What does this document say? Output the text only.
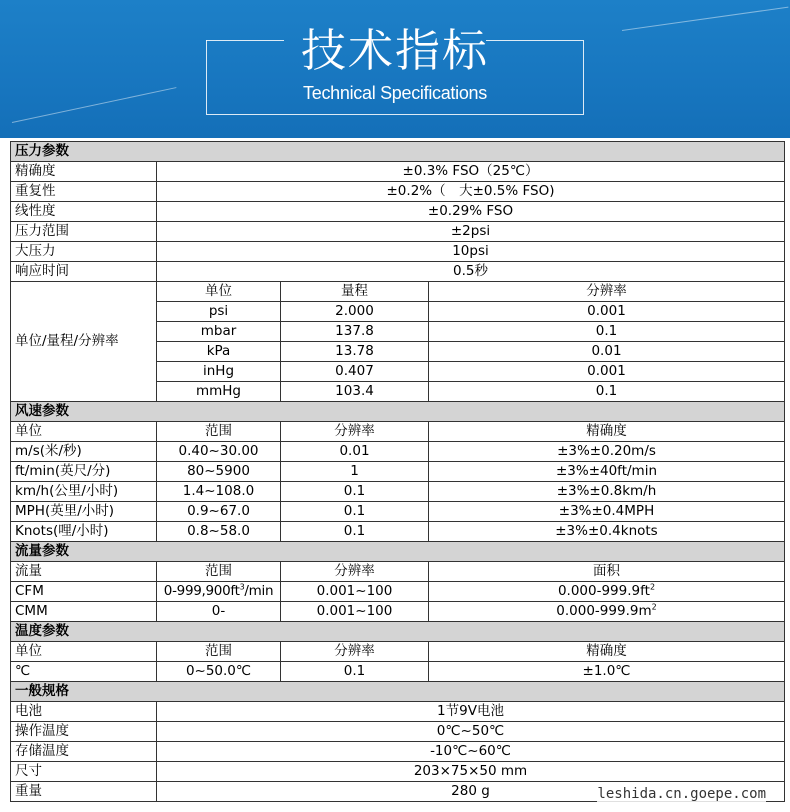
技术指标
Technical Specifications
压力参数			
精确度	±0.3% FSO（25℃）		
重复性	±0.2%（　大±0.5% FSO)		
线性度	±0.29% FSO		
压力范围	±2psi		
大压力	10psi		
响应时间	0.5秒		
单位/量程/分辨率	单位	量程	分辨率
	psi	2.000	0.001
	mbar	137.8	0.1
	kPa	13.78	0.01
	inHg	0.407	0.001
	mmHg	103.4	0.1
风速参数			
单位	范围	分辨率	精确度
m/s(米/秒)	0.40~30.00	0.01	±3%±0.20m/s
ft/min(英尺/分)	80~5900	1	±3%±40ft/min
km/h(公里/小时)	1.4~108.0	0.1	±3%±0.8km/h
MPH(英里/小时)	0.9~67.0	0.1	±3%±0.4MPH
Knots(哩/小时)	0.8~58.0	0.1	±3%±0.4knots
流量参数			
流量	范围	分辨率	面积
CFM	$0-999,900ft^3/\min$	0.001~100	$0.000-999.9ft^2$
CMM	0-	0.001~100	$0.000-999.9m^2$
温度参数			
单位	范围	分辨率	精确度
℃	0~50.0℃	0.1	±1.0℃
一般规格			
电池	1节9V电池		
操作温度	0℃~50℃		
存储温度	-10℃~60℃		
尺寸	203×75×50 mm		
重量	280 g			leshida.cn.goepe.com
